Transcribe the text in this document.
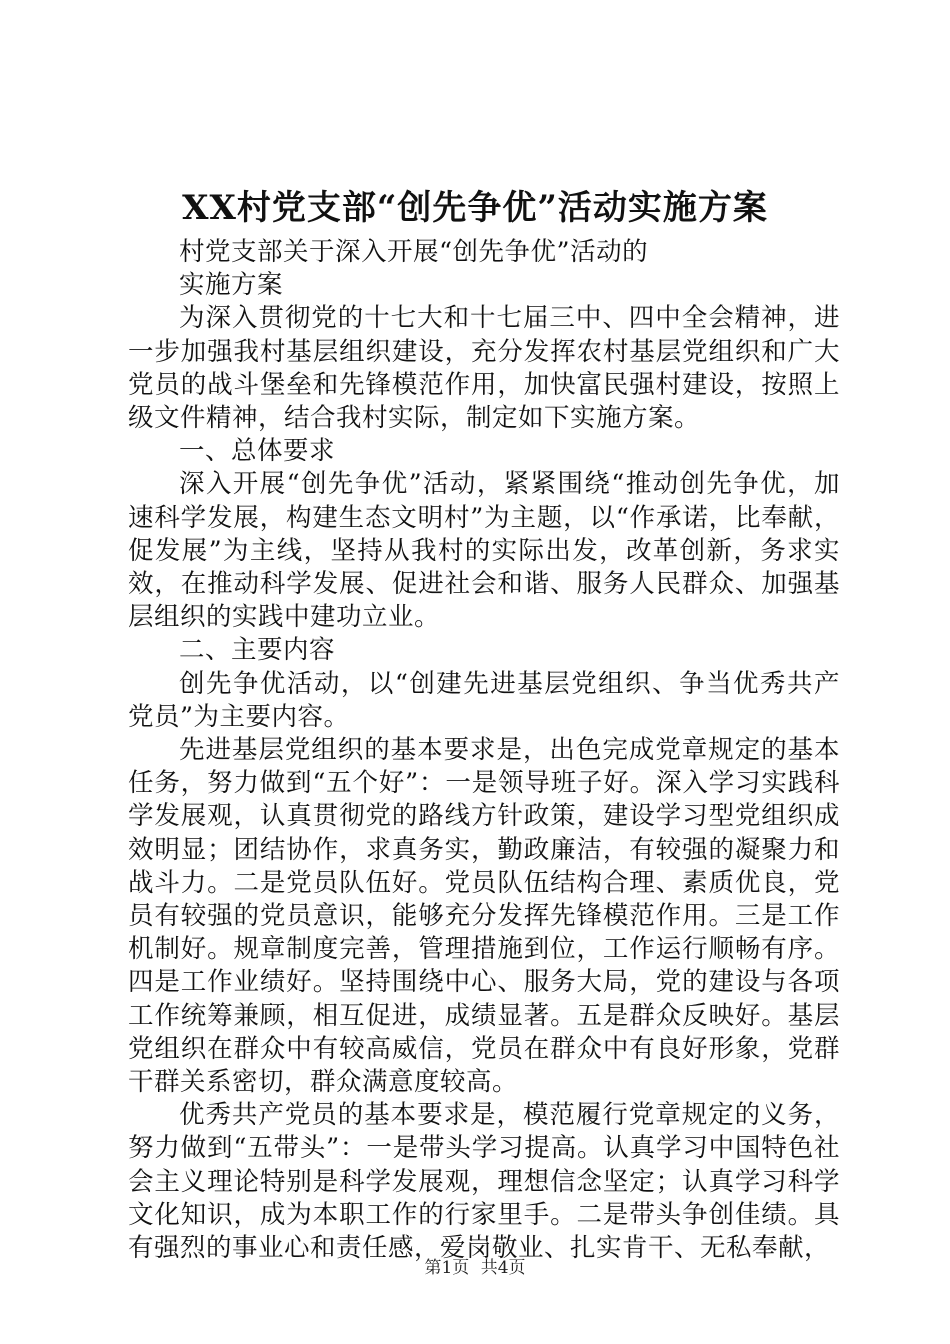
XX村党支部“创先争优”活动实施方案

村党支部关于深入开展“创先争优”活动的

实施方案

为深入贯彻党的十七大和十七届三中、四中全会精神，进一步加强我村基层组织建设，充分发挥农村基层党组织和广大党员的战斗堡垒和先锋模范作用，加快富民强村建设，按照上级文件精神，结合我村实际，制定如下实施方案。

一、总体要求

深入开展“创先争优”活动，紧紧围绕“推动创先争优，加速科学发展，构建生态文明村”为主题，以“作承诺，比奉献，促发展”为主线，坚持从我村的实际出发，改革创新，务求实效，在推动科学发展、促进社会和谐、服务人民群众、加强基层组织的实践中建功立业。

二、主要内容

创先争优活动，以“创建先进基层党组织、争当优秀共产党员”为主要内容。

先进基层党组织的基本要求是，出色完成党章规定的基本任务，努力做到“五个好”：一是领导班子好。深入学习实践科学发展观，认真贯彻党的路线方针政策，建设学习型党组织成效明显；团结协作，求真务实，勤政廉洁，有较强的凝聚力和战斗力。二是党员队伍好。党员队伍结构合理、素质优良，党员有较强的党员意识，能够充分发挥先锋模范作用。三是工作机制好。规章制度完善，管理措施到位，工作运行顺畅有序。四是工作业绩好。坚持围绕中心、服务大局，党的建设与各项工作统筹兼顾，相互促进，成绩显著。五是群众反映好。基层党组织在群众中有较高威信，党员在群众中有良好形象，党群干群关系密切，群众满意度较高。

优秀共产党员的基本要求是，模范履行党章规定的义务，努力做到“五带头”：一是带头学习提高。认真学习中国特色社会主义理论特别是科学发展观，理想信念坚定；认真学习科学文化知识，成为本职工作的行家里手。二是带头争创佳绩。具有强烈的事业心和责任感，爱岗敬业、扎实肯干、无私奉献，

第1页 共4页
